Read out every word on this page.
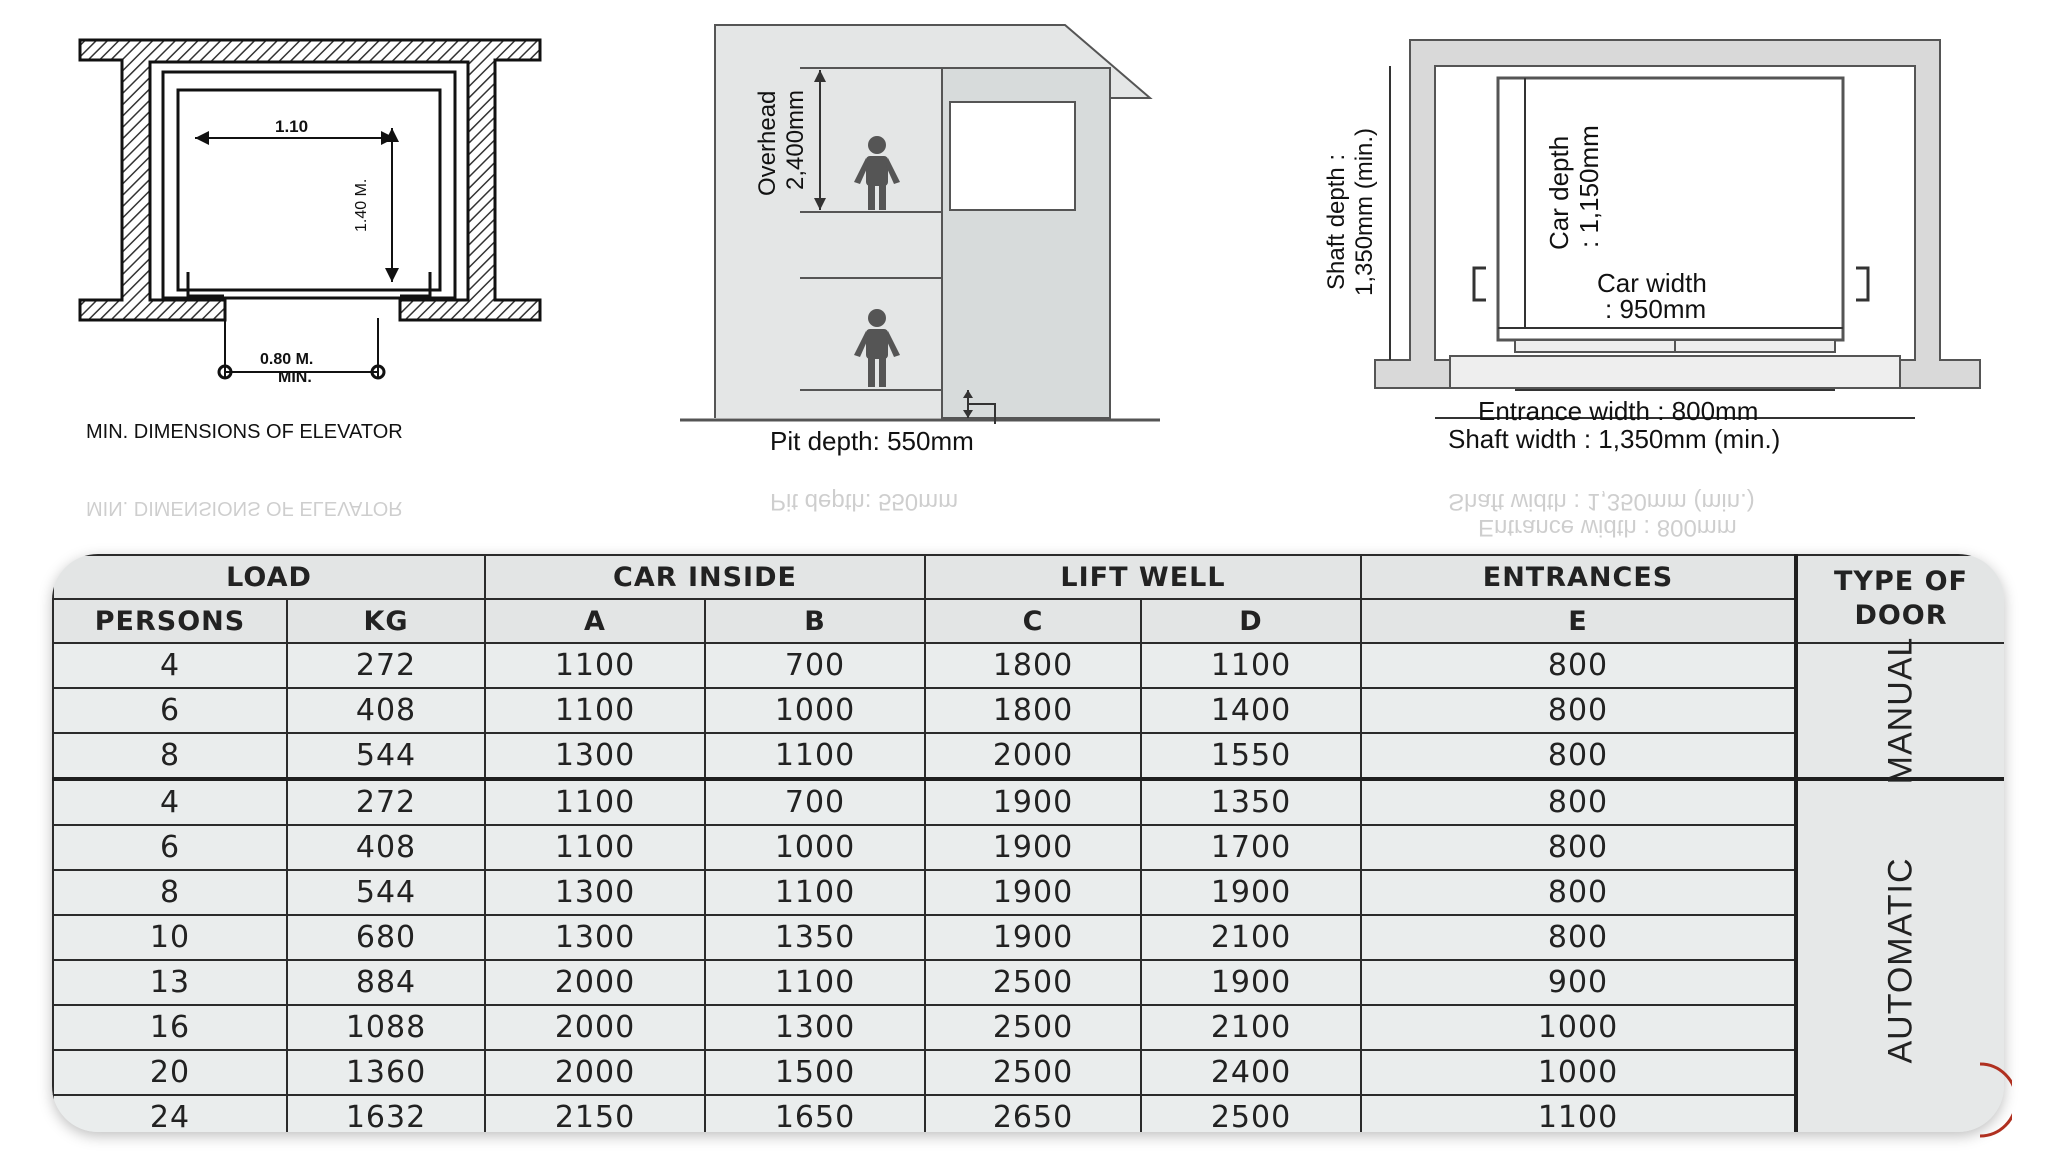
1.10
1.40 M.
0.80 M.
MIN.
MIN. DIMENSIONS OF ELEVATOR
Overhead 2,400mm
Pit depth: 550mm
Shaft depth : 1,350mm (min.)	Car depth : 1,150mm
Car width
: 950mm
Entrance width : 800mm
Shaft width : 1,350mm (min.)
MIN. DIMENSIONS OF ELEVATOR	Pit depth: 550mm	Shaft width : 1,350mm (min.)
Entrance width : 800mm
LOAD		CAR INSIDE		LIFT WELL		ENTRANCES	TYPE OF
DOOR
PERSONS	KG	A	B	C	D	E	
4	272	1100	700	1800	1100	800	MANUAL
6	408	1100	1000	1800	1400	800	
8	544	1300	1100	2000	1550	800	
4	272	1100	700	1900	1350	800	AUTOMATIC
6	408	1100	1000	1900	1700	800	
8	544	1300	1100	1900	1900	800	
10	680	1300	1350	1900	2100	800	
13	884	2000	1100	2500	1900	900	
16	1088	2000	1300	2500	2100	1000	
20	1360	2000	1500	2500	2400	1000	
24	1632	2150	1650	2650	2500	1100	
